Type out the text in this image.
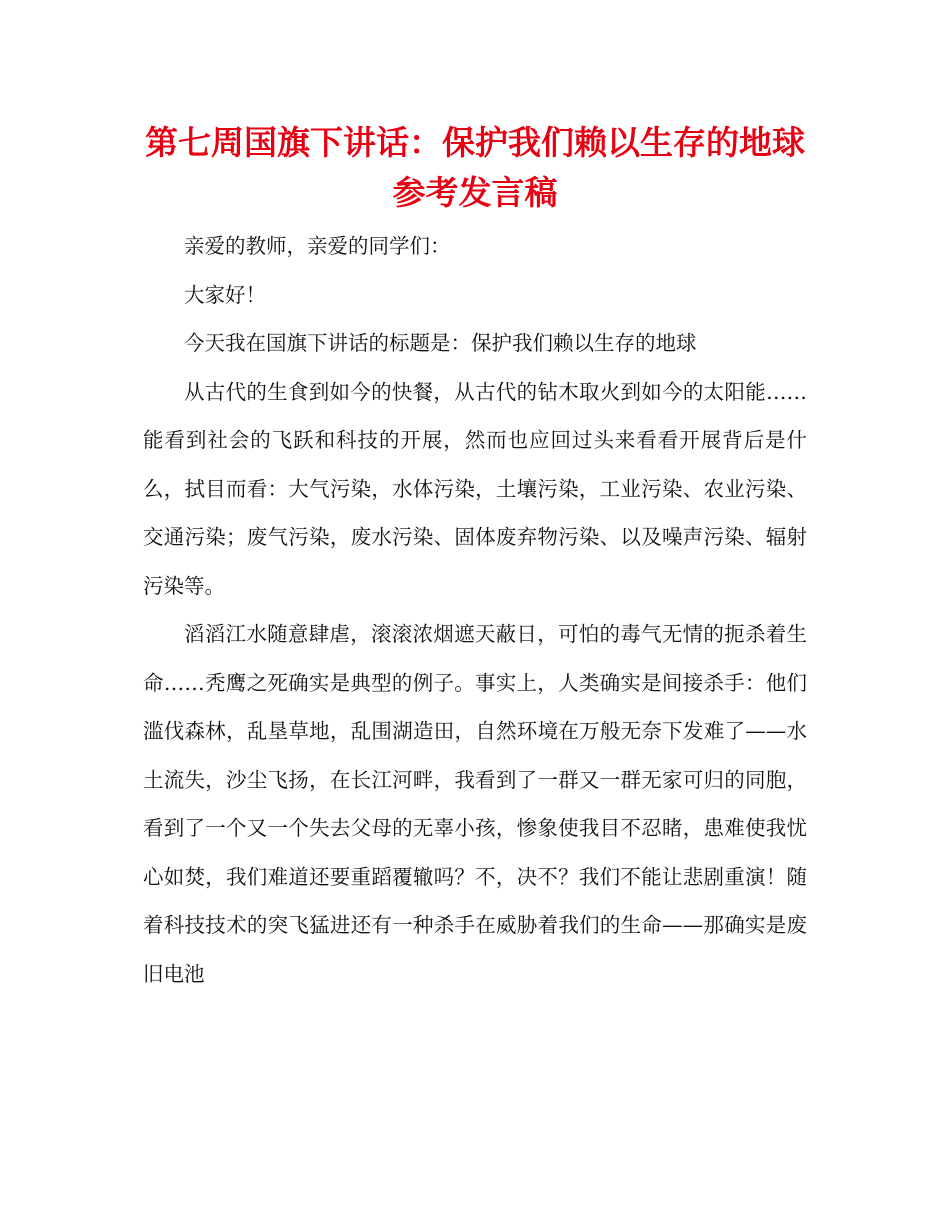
第七周国旗下讲话：保护我们赖以生存的地球参考发言稿

亲爱的教师，亲爱的同学们：

大家好！

今天我在国旗下讲话的标题是：保护我们赖以生存的地球

从古代的生食到如今的快餐，从古代的钻木取火到如今的太阳能……能看到社会的飞跃和科技的开展，然而也应回过头来看看开展背后是什么，拭目而看：大气污染，水体污染，土壤污染，工业污染、农业污染、交通污染；废气污染，废水污染、固体废弃物污染、以及噪声污染、辐射污染等。

滔滔江水随意肆虐，滚滚浓烟遮天蔽日，可怕的毒气无情的扼杀着生命……秃鹰之死确实是典型的例子。事实上，人类确实是间接杀手：他们滥伐森林，乱垦草地，乱围湖造田，自然环境在万般无奈下发难了——水土流失，沙尘飞扬，在长江河畔，我看到了一群又一群无家可归的同胞，看到了一个又一个失去父母的无辜小孩，惨象使我目不忍睹，患难使我忧心如焚，我们难道还要重蹈覆辙吗？不，决不？我们不能让悲剧重演！随着科技技术的突飞猛进还有一种杀手在威胁着我们的生命——那确实是废旧电池
